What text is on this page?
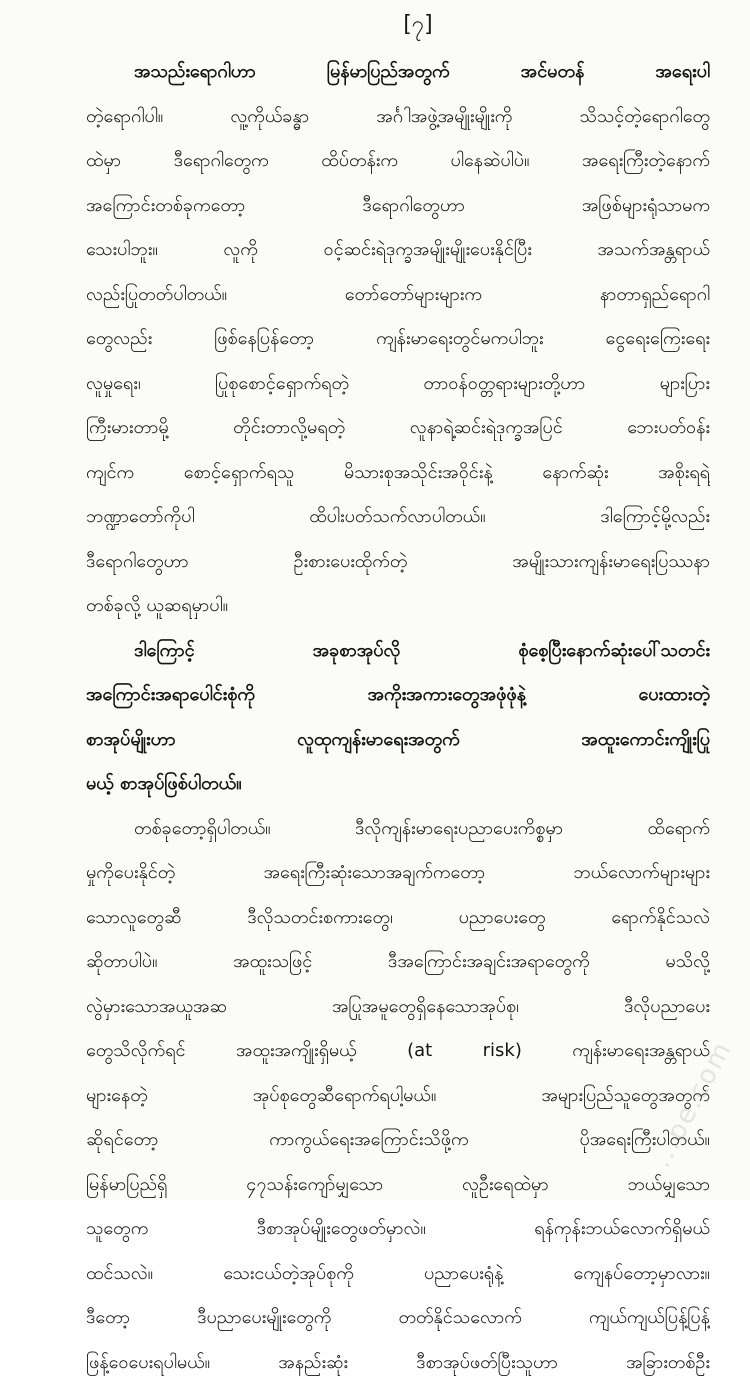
[၇]
အသည်းရောဂါဟာ မြန်မာပြည်အတွက် အင်မတန် အရေးပါ
တဲ့ရောဂါပါ။ လူ့ကိုယ်ခန္ဓာ အင်္ဂါအဖွဲ့အမျိုးမျိုးကို သိသင့်တဲ့ရောဂါတွေ
ထဲမှာ ဒီရောဂါတွေက ထိပ်တန်းက ပါနေဆဲပါပဲ။ အရေးကြီးတဲ့နောက်
အကြောင်းတစ်ခုကတော့ ဒီရောဂါတွေဟာ အဖြစ်များရုံသာမက
သေးပါဘူး။ လူကို ဝင့်ဆင်းရဲဒုက္ခအမျိုးမျိုးပေးနိုင်ပြီး အသက်အန္တရာယ်
လည်းပြုတတ်ပါတယ်။ တော်တော်များများက နာတာရှည်ရောဂါ
တွေလည်း ဖြစ်နေပြန်တော့ ကျန်းမာရေးတွင်မကပါဘူး ငွေရေးကြေးရေး
လူမှုရေး၊ ပြုစုစောင့်ရှောက်ရတဲ့ တာဝန်ဝတ္တရားများတို့ဟာ များပြား
ကြီးမားတာမို့ တိုင်းတာလို့မရတဲ့ လူနာရဲ့ဆင်းရဲဒုက္ခအပြင် ဘေးပတ်ဝန်း
ကျင်က စောင့်ရှောက်ရသူ မိသားစုအသိုင်းအဝိုင်းနဲ့ နောက်ဆုံး အစိုးရရဲ့
ဘဏ္ဍာတော်ကိုပါ ထိပါးပတ်သက်လာပါတယ်။ ဒါကြောင့်မို့လည်း
ဒီရောဂါတွေဟာ ဦးစားပေးထိုက်တဲ့ အမျိုးသားကျန်းမာရေးပြဿနာ
တစ်ခုလို့ ယူဆရမှာပါ။
ဒါကြောင့် အခုစာအုပ်လို စုံစေ့ပြီးနောက်ဆုံးပေါ်သတင်း
အကြောင်းအရာပေါင်းစုံကို အကိုးအကားတွေအဖုံဖုံနဲ့ ပေးထားတဲ့
စာအုပ်မျိုးဟာ လူထုကျန်းမာရေးအတွက် အထူးကောင်းကျိုးပြု
မယ့် စာအုပ်ဖြစ်ပါတယ်။
တစ်ခုတော့ရှိပါတယ်။ ဒီလိုကျန်းမာရေးပညာပေးကိစ္စမှာ ထိရောက်
မှုကိုပေးနိုင်တဲ့ အရေးကြီးဆုံးသောအချက်ကတော့ ဘယ်လောက်များများ
သောလူတွေဆီ ဒီလိုသတင်းစကားတွေ၊ ပညာပေးတွေ ရောက်နိုင်သလဲ
ဆိုတာပါပဲ။ အထူးသဖြင့် ဒီအကြောင်းအချင်းအရာတွေကို မသိလို့
လွဲမှားသောအယူအဆ အပြုအမူတွေရှိနေသောအုပ်စု၊ ဒီလိုပညာပေး
တွေသိလိုက်ရင် အထူးအကျိုးရှိမယ့် (at risk) ကျန်းမာရေးအန္တရာယ်
များနေတဲ့ အုပ်စုတွေဆီရောက်ရပါ့မယ်။ အများပြည်သူတွေအတွက်
ဆိုရင်တော့ ကာကွယ်ရေးအကြောင်းသိဖို့က ပိုအရေးကြီးပါတယ်။
မြန်မာပြည်ရှိ ၄၇သန်းကျော်မျှသော လူဦးရေထဲမှာ ဘယ်မျှသော
သူတွေက ဒီစာအုပ်မျိုးတွေဖတ်မှာလဲ။ ရန်ကုန်းဘယ်လောက်ရှိမယ်
ထင်သလဲ။ သေးငယ်တဲ့အုပ်စုကို ပညာပေးရုံနဲ့ ကျေနပ်တော့မှာလား။
ဒီတော့ ဒီပညာပေးမျိုးတွေကို တတ်နိုင်သလောက် ကျယ်ကျယ်ပြန့်ပြန့်
ဖြန့်ဝေပေးရပါမယ်။ အနည်းဆုံး ဒီစာအုပ်ဖတ်ပြီးသူဟာ အခြားတစ်ဦး
...pe.com
